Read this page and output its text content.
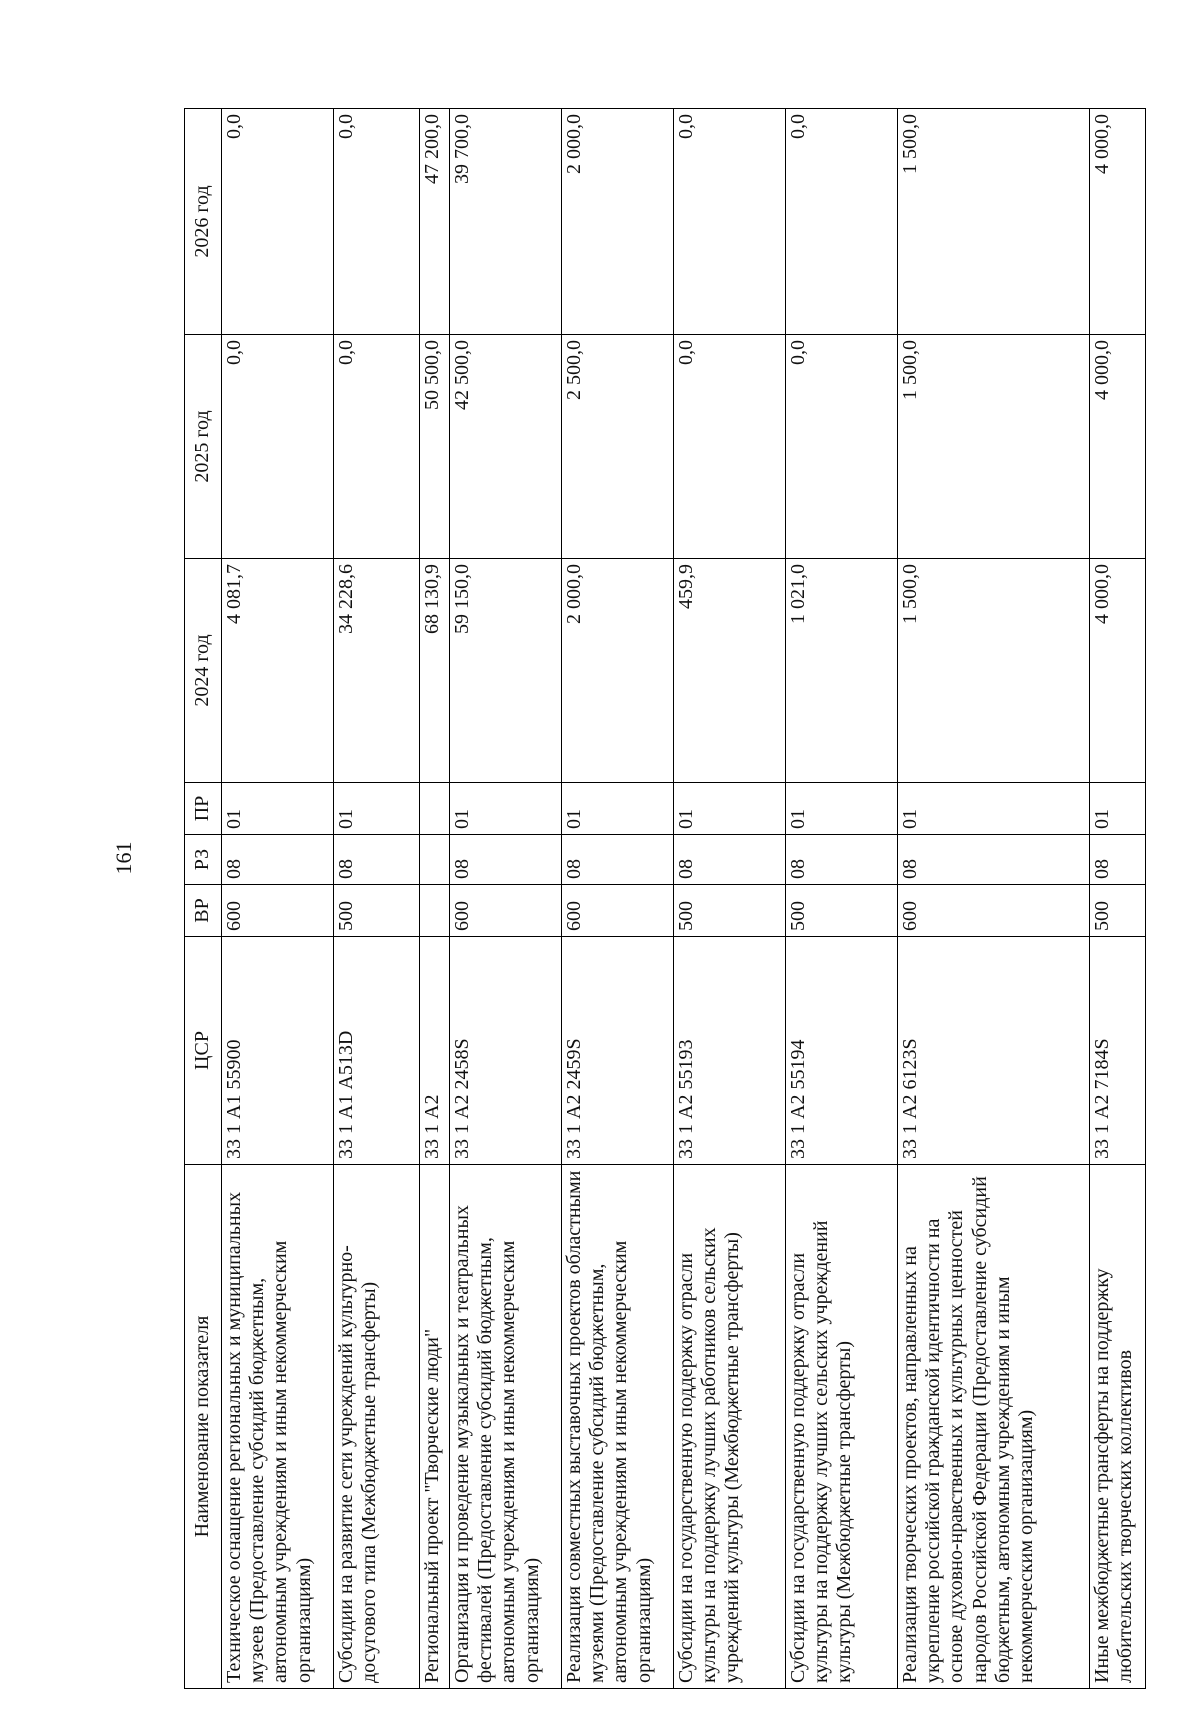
161
Наименование показателя	ЦСР	ВР	РЗ	ПР	2024 год	2025 год	2026 год
Техническое оснащение региональных и муниципальных музеев (Предоставление субсидий бюджетным, автономным учреждениям и иным некоммерческим организациям)	33 1 А1 55900	600	08	01	4 081,7	0,0	0,0
Субсидии на развитие сети учреждений культурно-досугового типа (Межбюджетные трансферты)	33 1 А1 А513D	500	08	01	34 228,6	0,0	0,0
Региональный проект "Творческие люди"	33 1 А2				68 130,9	50 500,0	47 200,0
Организация и проведение музыкальных и театральных фестивалей (Предоставление субсидий бюджетным, автономным учреждениям и иным некоммерческим организациям)	33 1 А2 2458S	600	08	01	59 150,0	42 500,0	39 700,0
Реализация совместных выставочных проектов областными музеями (Предоставление субсидий бюджетным, автономным учреждениям и иным некоммерческим организациям)	33 1 А2 2459S	600	08	01	2 000,0	2 500,0	2 000,0
Субсидии на государственную поддержку отрасли культуры на поддержку лучших работников сельских учреждений культуры (Межбюджетные трансферты)	33 1 А2 55193	500	08	01	459,9	0,0	0,0
Субсидии на государственную поддержку отрасли культуры на поддержку лучших сельских учреждений культуры (Межбюджетные трансферты)	33 1 А2 55194	500	08	01	1 021,0	0,0	0,0
Реализация творческих проектов, направленных на укрепление российской гражданской идентичности на основе духовно-нравственных и культурных ценностей народов Российской Федерации (Предоставление субсидий бюджетным, автономным учреждениям и иным некоммерческим организациям)	33 1 А2 6123S	600	08	01	1 500,0	1 500,0	1 500,0
Иные межбюджетные трансферты на поддержку любительских творческих коллективов	33 1 А2 7184S	500	08	01	4 000,0	4 000,0	4 000,0
